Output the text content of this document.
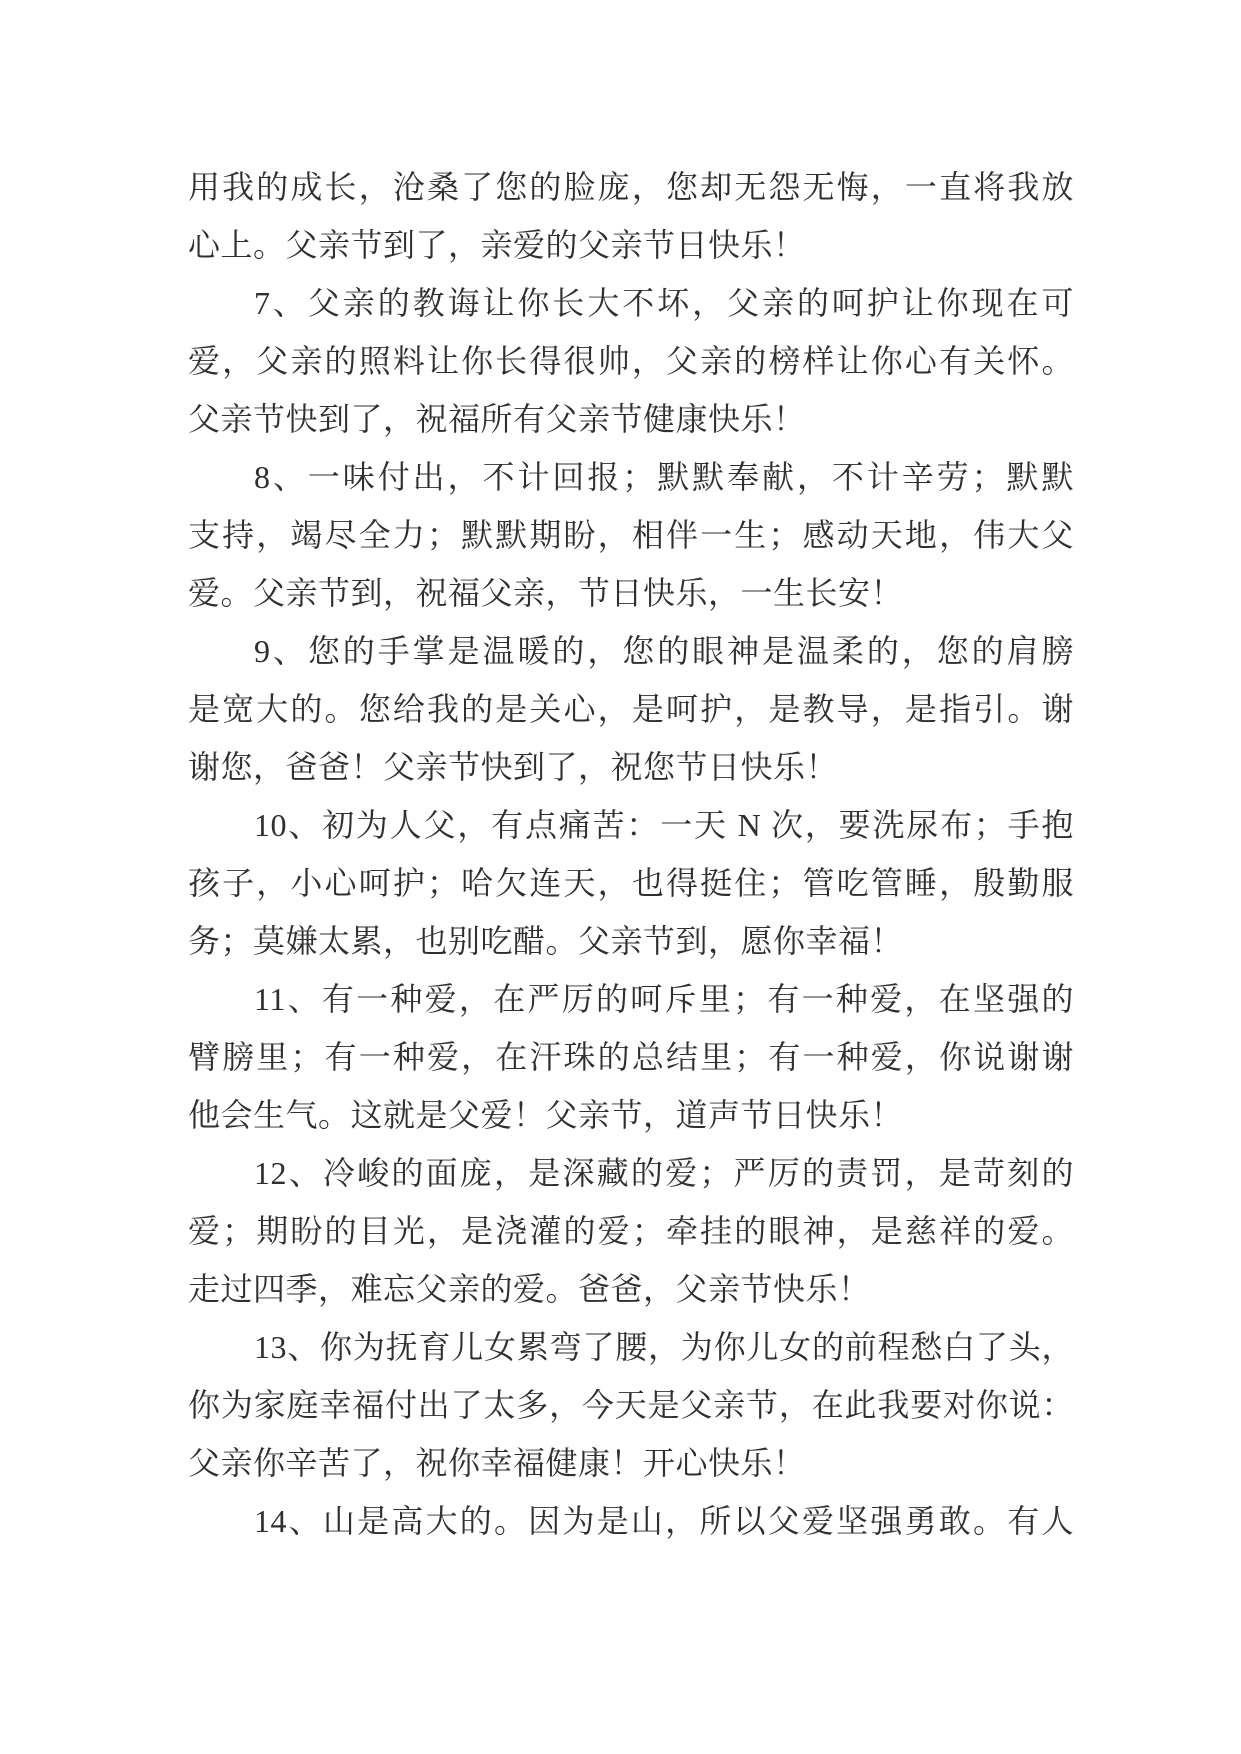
用我的成长，沧桑了您的脸庞，您却无怨无悔，一直将我放
心上。父亲节到了，亲爱的父亲节日快乐！
7、父亲的教诲让你长大不坏，父亲的呵护让你现在可
爱，父亲的照料让你长得很帅，父亲的榜样让你心有关怀。
父亲节快到了，祝福所有父亲节健康快乐！
8、一味付出，不计回报；默默奉献，不计辛劳；默默
支持，竭尽全力；默默期盼，相伴一生；感动天地，伟大父
爱。父亲节到，祝福父亲，节日快乐，一生长安！
9、您的手掌是温暖的，您的眼神是温柔的，您的肩膀
是宽大的。您给我的是关心，是呵护，是教导，是指引。谢
谢您，爸爸！父亲节快到了，祝您节日快乐！
10、初为人父，有点痛苦：一天 N 次，要洗尿布；手抱
孩子，小心呵护；哈欠连天，也得挺住；管吃管睡，殷勤服
务；莫嫌太累，也别吃醋。父亲节到，愿你幸福！
11、有一种爱，在严厉的呵斥里；有一种爱，在坚强的
臂膀里；有一种爱，在汗珠的总结里；有一种爱，你说谢谢
他会生气。这就是父爱！父亲节，道声节日快乐！
12、冷峻的面庞，是深藏的爱；严厉的责罚，是苛刻的
爱；期盼的目光，是浇灌的爱；牵挂的眼神，是慈祥的爱。
走过四季，难忘父亲的爱。爸爸，父亲节快乐！
13、你为抚育儿女累弯了腰，为你儿女的前程愁白了头，
你为家庭幸福付出了太多，今天是父亲节，在此我要对你说：
父亲你辛苦了，祝你幸福健康！开心快乐！
14、山是高大的。因为是山，所以父爱坚强勇敢。有人
